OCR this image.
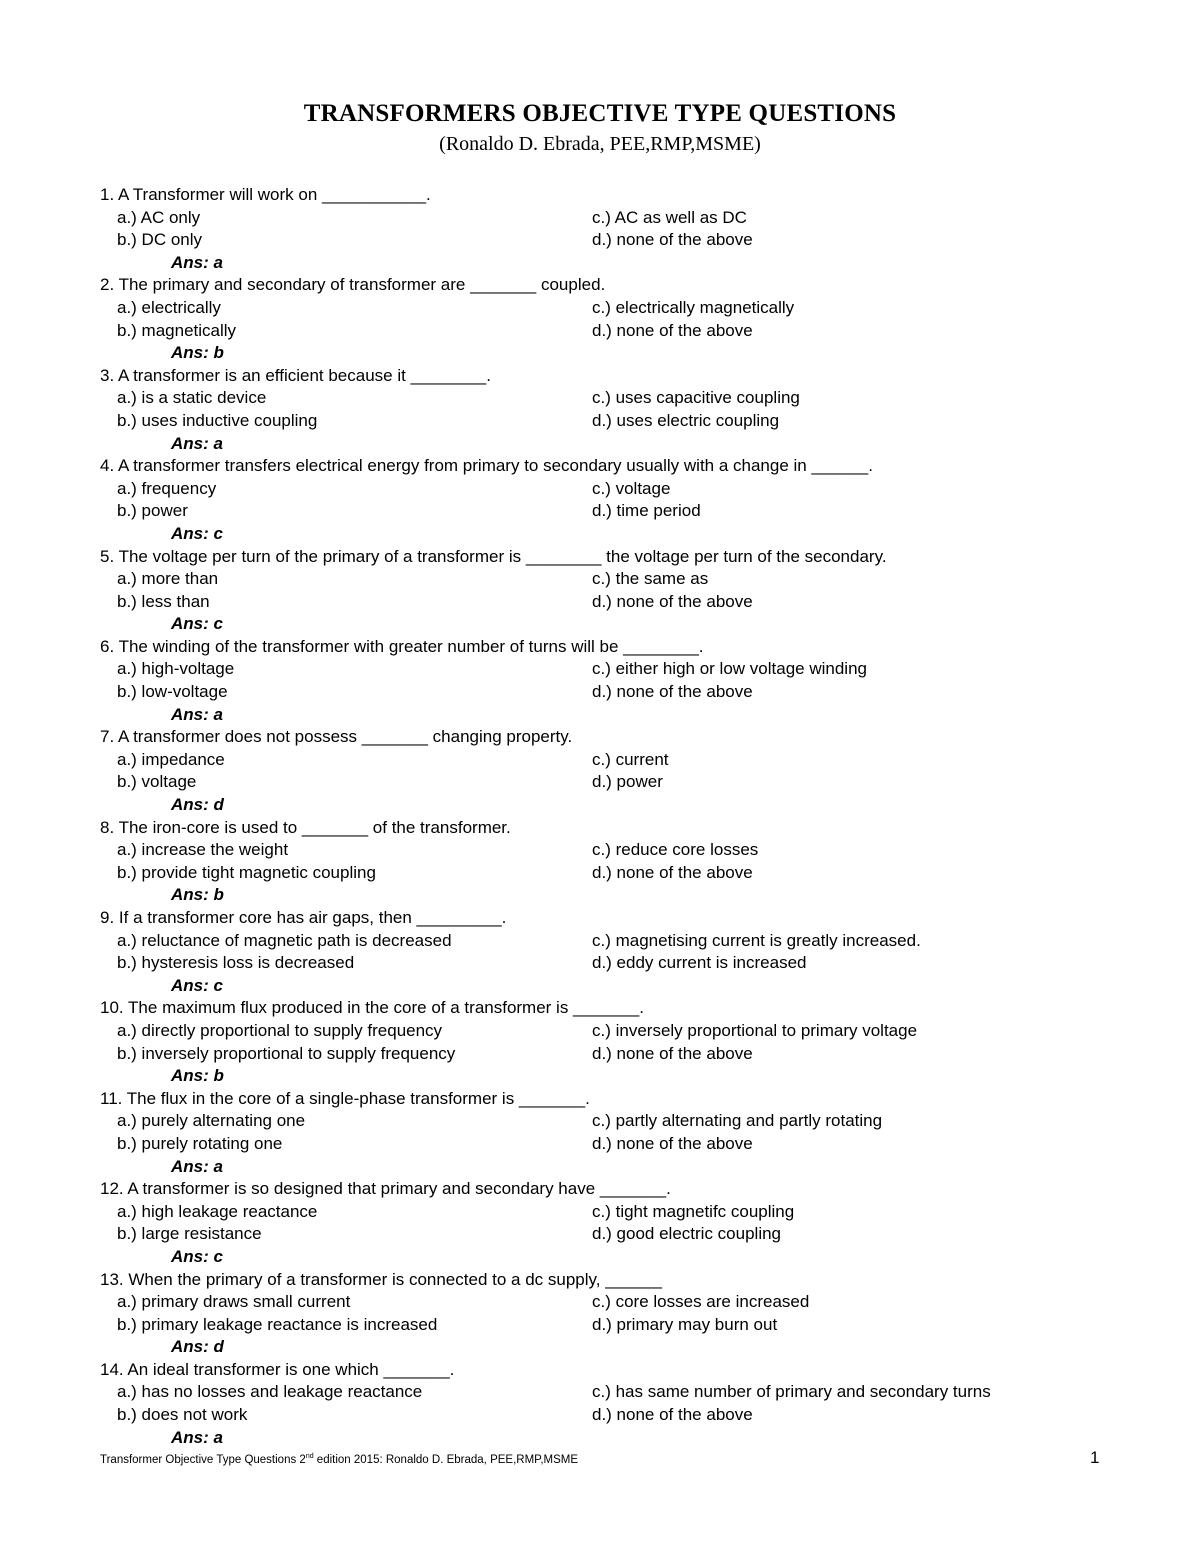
TRANSFORMERS OBJECTIVE TYPE QUESTIONS
(Ronaldo D. Ebrada, PEE,RMP,MSME)
1. A Transformer will work on ___________.
a.) AC only	c.) AC as well as DC
b.) DC only	d.) none of the above
Ans: a
2. The primary and secondary of transformer are _______ coupled.
a.) electrically	c.) electrically magnetically
b.) magnetically	d.) none of the above
Ans: b
3. A transformer is an efficient because it ________.
a.) is a static device	c.) uses capacitive coupling
b.) uses inductive coupling	d.) uses electric coupling
Ans: a
4. A transformer transfers electrical energy from primary to secondary usually with a change in ______.
a.) frequency	c.) voltage
b.) power	d.) time period
Ans: c
5. The voltage per turn of the primary of a transformer is ________ the voltage per turn of the secondary.
a.) more than	c.) the same as
b.) less than	d.) none of the above
Ans: c
6. The winding of the transformer with greater number of turns will be ________.
a.) high-voltage	c.) either high or low voltage winding
b.) low-voltage	d.) none of the above
Ans: a
7. A transformer does not possess _______ changing property.
a.) impedance	c.) current
b.) voltage	d.) power
Ans: d
8. The iron-core is used to _______ of the transformer.
a.) increase the weight	c.) reduce core losses
b.) provide tight magnetic coupling	d.) none of the above
Ans: b
9. If a transformer core has air gaps, then _________.
a.) reluctance of magnetic path is decreased	c.) magnetising current is greatly increased.
b.) hysteresis loss is decreased	d.) eddy current is increased
Ans: c
10. The maximum flux produced in the core of a transformer is _______.
a.) directly proportional to supply frequency	c.) inversely proportional to primary voltage
b.) inversely proportional to supply frequency	d.) none of the above
Ans: b
11. The flux in the core of a single-phase transformer is _______.
a.) purely alternating one	c.) partly alternating and partly rotating
b.) purely rotating one	d.) none of the above
Ans: a
12. A transformer is so designed that primary and secondary have _______.
a.) high leakage reactance	c.) tight magnetifc coupling
b.) large resistance	d.) good electric coupling
Ans: c
13. When the primary of a transformer is connected to a dc supply, ______
a.) primary draws small current	c.) core losses are increased
b.) primary leakage reactance is increased	d.) primary may burn out
Ans: d
14. An ideal transformer is one which _______.
a.) has no losses and leakage reactance	c.) has same number of primary and secondary turns
b.) does not work	d.) none of the above
Ans: a
Transformer Objective Type Questions 2nd edition 2015: Ronaldo D. Ebrada, PEE,RMP,MSME	1
